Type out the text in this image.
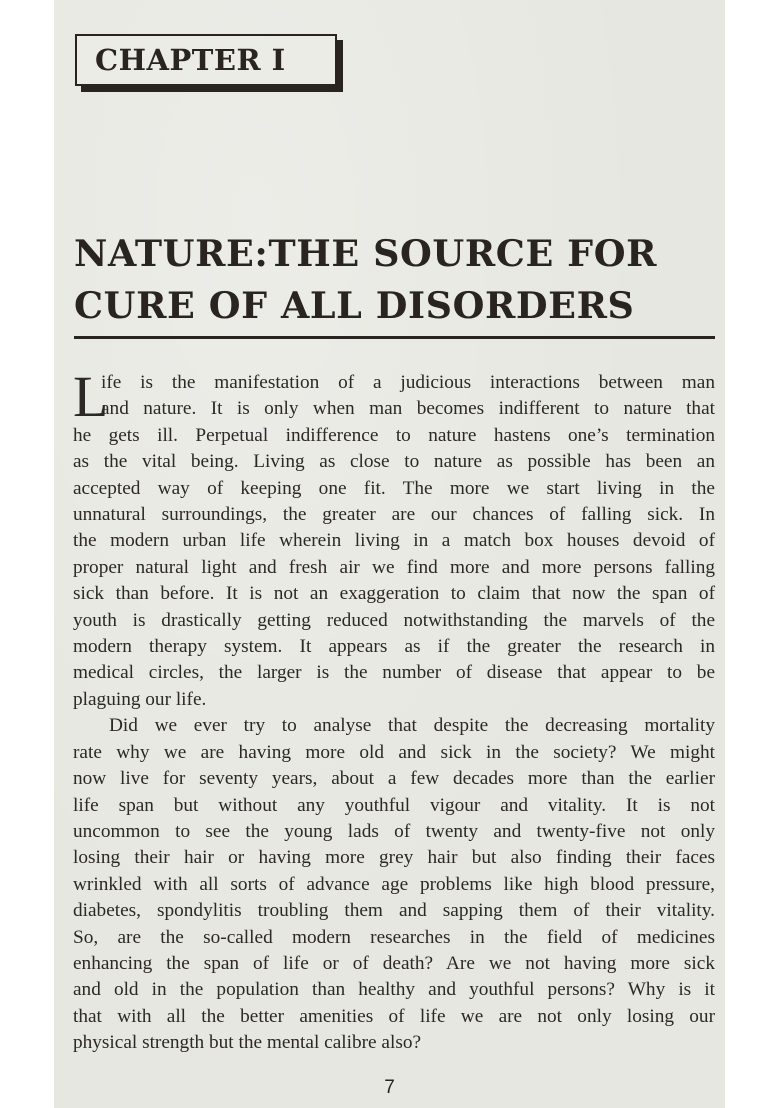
CHAPTER I
NATURE:THE SOURCE FOR
CURE OF ALL DISORDERS
L
ife is the manifestation of a judicious interactions between man
and nature. It is only when man becomes indifferent to nature that
he gets ill. Perpetual indifference to nature hastens one’s termination
as the vital being. Living as close to nature as possible has been an
accepted way of keeping one fit. The more we start living in the
unnatural surroundings, the greater are our chances of falling sick. In
the modern urban life wherein living in a match box houses devoid of
proper natural light and fresh air we find more and more persons falling
sick than before. It is not an exaggeration to claim that now the span of
youth is drastically getting reduced notwithstanding the marvels of the
modern therapy system. It appears as if the greater the research in
medical circles, the larger is the number of disease that appear to be
plaguing our life.
Did we ever try to analyse that despite the decreasing mortality
rate why we are having more old and sick in the society? We might
now live for seventy years, about a few decades more than the earlier
life span but without any youthful vigour and vitality. It is not
uncommon to see the young lads of twenty and twenty-five not only
losing their hair or having more grey hair but also finding their faces
wrinkled with all sorts of advance age problems like high blood pressure,
diabetes, spondylitis troubling them and sapping them of their vitality.
So, are the so-called modern researches in the field of medicines
enhancing the span of life or of death? Are we not having more sick
and old in the population than healthy and youthful persons? Why is it
that with all the better amenities of life we are not only losing our
physical strength but the mental calibre also?
7
